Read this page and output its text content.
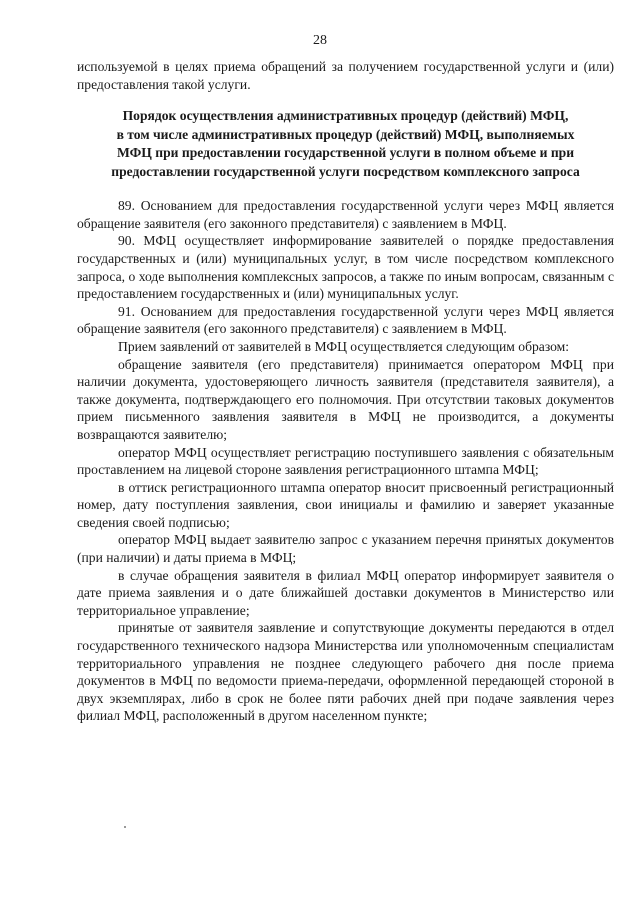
28

используемой в целях приема обращений за получением государственной услуги и (или) предоставления такой услуги.

Порядок осуществления административных процедур (действий) МФЦ,
в том числе административных процедур (действий) МФЦ, выполняемых
МФЦ при предоставлении государственной услуги в полном объеме и при
предоставлении государственной услуги посредством комплексного запроса

89. Основанием для предоставления государственной услуги через МФЦ является обращение заявителя (его законного представителя) с заявлением в МФЦ.

90. МФЦ осуществляет информирование заявителей о порядке предоставления государственных и (или) муниципальных услуг, в том числе посредством комплексного запроса, о ходе выполнения комплексных запросов, а также по иным вопросам, связанным с предоставлением государственных и (или) муниципальных услуг.

91. Основанием для предоставления государственной услуги через МФЦ является обращение заявителя (его законного представителя) с заявлением в МФЦ.

Прием заявлений от заявителей в МФЦ осуществляется следующим образом:

обращение заявителя (его представителя) принимается оператором МФЦ при наличии документа, удостоверяющего личность заявителя (представителя заявителя), а также документа, подтверждающего его полномочия. При отсутствии таковых документов прием письменного заявления заявителя в МФЦ не производится, а документы возвращаются заявителю;

оператор МФЦ осуществляет регистрацию поступившего заявления с обязательным проставлением на лицевой стороне заявления регистрационного штампа МФЦ;

в оттиск регистрационного штампа оператор вносит присвоенный регистрационный номер, дату поступления заявления, свои инициалы и фамилию и заверяет указанные сведения своей подписью;

оператор МФЦ выдает заявителю запрос с указанием перечня принятых документов (при наличии) и даты приема в МФЦ;

в случае обращения заявителя в филиал МФЦ оператор информирует заявителя о дате приема заявления и о дате ближайшей доставки документов в Министерство или территориальное управление;

принятые от заявителя заявление и сопутствующие документы передаются в отдел государственного технического надзора Министерства или уполномоченным специалистам территориального управления не позднее следующего рабочего дня после приема документов в МФЦ по ведомости приема-передачи, оформленной передающей стороной в двух экземплярах, либо в срок не более пяти рабочих дней при подаче заявления через филиал МФЦ, расположенный в другом населенном пункте;
